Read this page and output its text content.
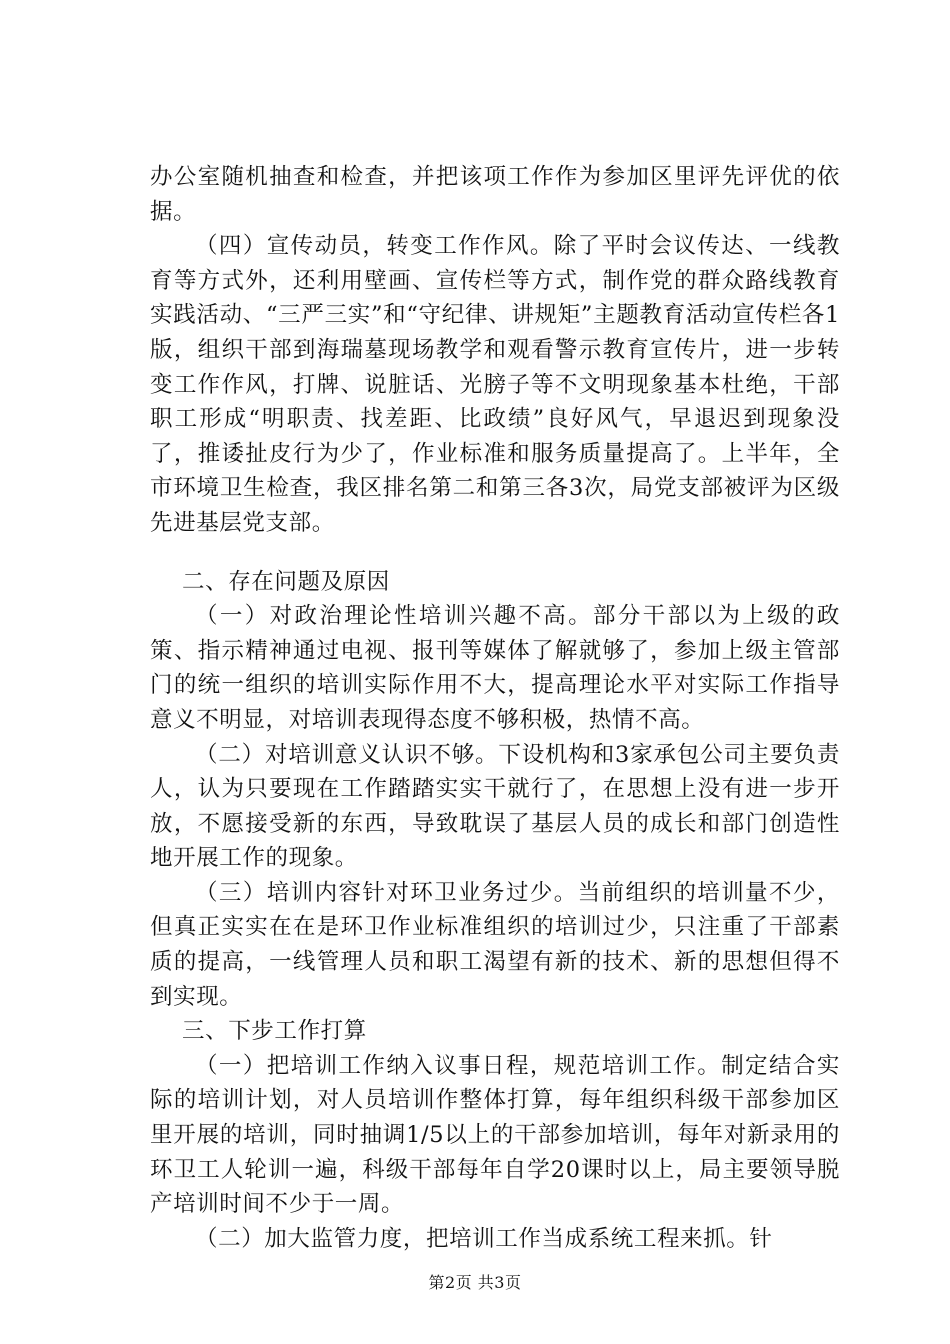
办公室随机抽查和检查，并把该项工作作为参加区里评先评优的依据。

（四）宣传动员，转变工作作风。除了平时会议传达、一线教育等方式外，还利用壁画、宣传栏等方式，制作党的群众路线教育实践活动、“三严三实”和“守纪律、讲规矩”主题教育活动宣传栏各1版，组织干部到海瑞墓现场教学和观看警示教育宣传片，进一步转变工作作风，打牌、说脏话、光膀子等不文明现象基本杜绝，干部职工形成“明职责、找差距、比政绩”良好风气，早退迟到现象没了，推诿扯皮行为少了，作业标准和服务质量提高了。上半年，全市环境卫生检查，我区排名第二和第三各3次，局党支部被评为区级先进基层党支部。

二、存在问题及原因

（一）对政治理论性培训兴趣不高。部分干部以为上级的政策、指示精神通过电视、报刊等媒体了解就够了，参加上级主管部门的统一组织的培训实际作用不大，提高理论水平对实际工作指导意义不明显，对培训表现得态度不够积极，热情不高。

（二）对培训意义认识不够。下设机构和3家承包公司主要负责人，认为只要现在工作踏踏实实干就行了，在思想上没有进一步开放，不愿接受新的东西，导致耽误了基层人员的成长和部门创造性地开展工作的现象。

（三）培训内容针对环卫业务过少。当前组织的培训量不少，但真正实实在在是环卫作业标准组织的培训过少，只注重了干部素质的提高，一线管理人员和职工渴望有新的技术、新的思想但得不到实现。

三、下步工作打算

（一）把培训工作纳入议事日程，规范培训工作。制定结合实际的培训计划，对人员培训作整体打算，每年组织科级干部参加区里开展的培训，同时抽调1/5以上的干部参加培训，每年对新录用的环卫工人轮训一遍，科级干部每年自学20课时以上，局主要领导脱产培训时间不少于一周。

（二）加大监管力度，把培训工作当成系统工程来抓。针

第2页 共3页
